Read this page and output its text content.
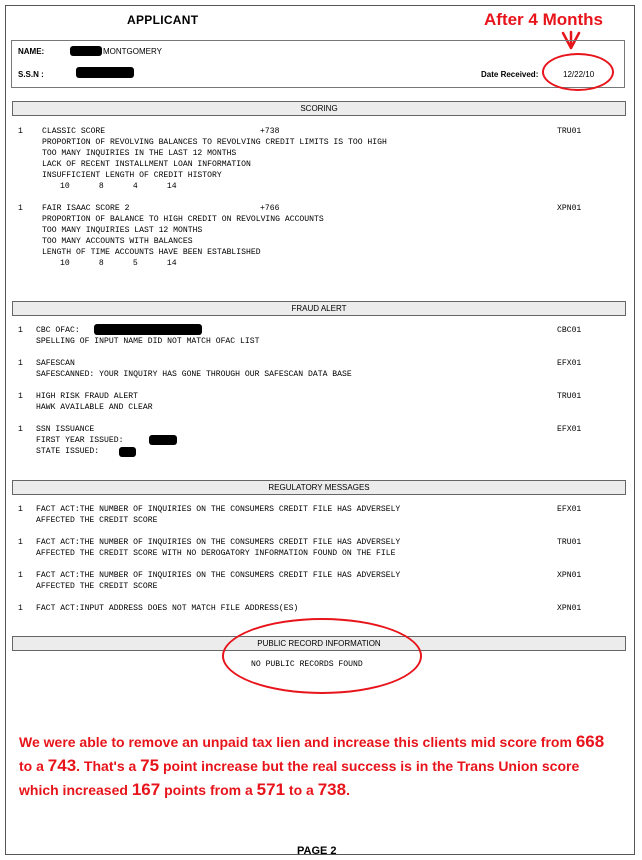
APPLICANT	After 4 Months
NAME:	MONTGOMERY
S.S.N :	Date Received:	12/22/10
SCORING
1 CLASSIC SCORE	+738	TRU01
PROPORTION OF REVOLVING BALANCES TO REVOLVING CREDIT LIMITS IS TOO HIGH
TOO MANY INQUIRIES IN THE LAST 12 MONTHS
LACK OF RECENT INSTALLMENT LOAN INFORMATION
INSUFFICIENT LENGTH OF CREDIT HISTORY
10      8      4      14
1 FAIR ISAAC SCORE 2	+766	XPN01
PROPORTION OF BALANCE TO HIGH CREDIT ON REVOLVING ACCOUNTS
TOO MANY INQUIRIES LAST 12 MONTHS
TOO MANY ACCOUNTS WITH BALANCES
LENGTH OF TIME ACCOUNTS HAVE BEEN ESTABLISHED
10      8      5      14
FRAUD ALERT
1 CBC OFAC:	CBC01
SPELLING OF INPUT NAME DID NOT MATCH OFAC LIST
1 SAFESCAN	EFX01
SAFESCANNED: YOUR INQUIRY HAS GONE THROUGH OUR SAFESCAN DATA BASE
1 HIGH RISK FRAUD ALERT	TRU01
HAWK AVAILABLE AND CLEAR
1 SSN ISSUANCE	EFX01
FIRST YEAR ISSUED:
STATE ISSUED:
REGULATORY MESSAGES
1 FACT ACT:THE NUMBER OF INQUIRIES ON THE CONSUMERS CREDIT FILE HAS ADVERSELY	EFX01
AFFECTED THE CREDIT SCORE
1 FACT ACT:THE NUMBER OF INQUIRIES ON THE CONSUMERS CREDIT FILE HAS ADVERSELY	TRU01
AFFECTED THE CREDIT SCORE WITH NO DEROGATORY INFORMATION FOUND ON THE FILE
1 FACT ACT:THE NUMBER OF INQUIRIES ON THE CONSUMERS CREDIT FILE HAS ADVERSELY	XPN01
AFFECTED THE CREDIT SCORE
1 FACT ACT:INPUT ADDRESS DOES NOT MATCH FILE ADDRESS(ES)	XPN01
PUBLIC RECORD INFORMATION
NO PUBLIC RECORDS FOUND
We were able to remove an unpaid tax lien and increase this clients mid score from 668 to a 743. That's a 75 point increase but the real success is in the Trans Union score which increased 167 points from a 571 to a 738.
PAGE 2
